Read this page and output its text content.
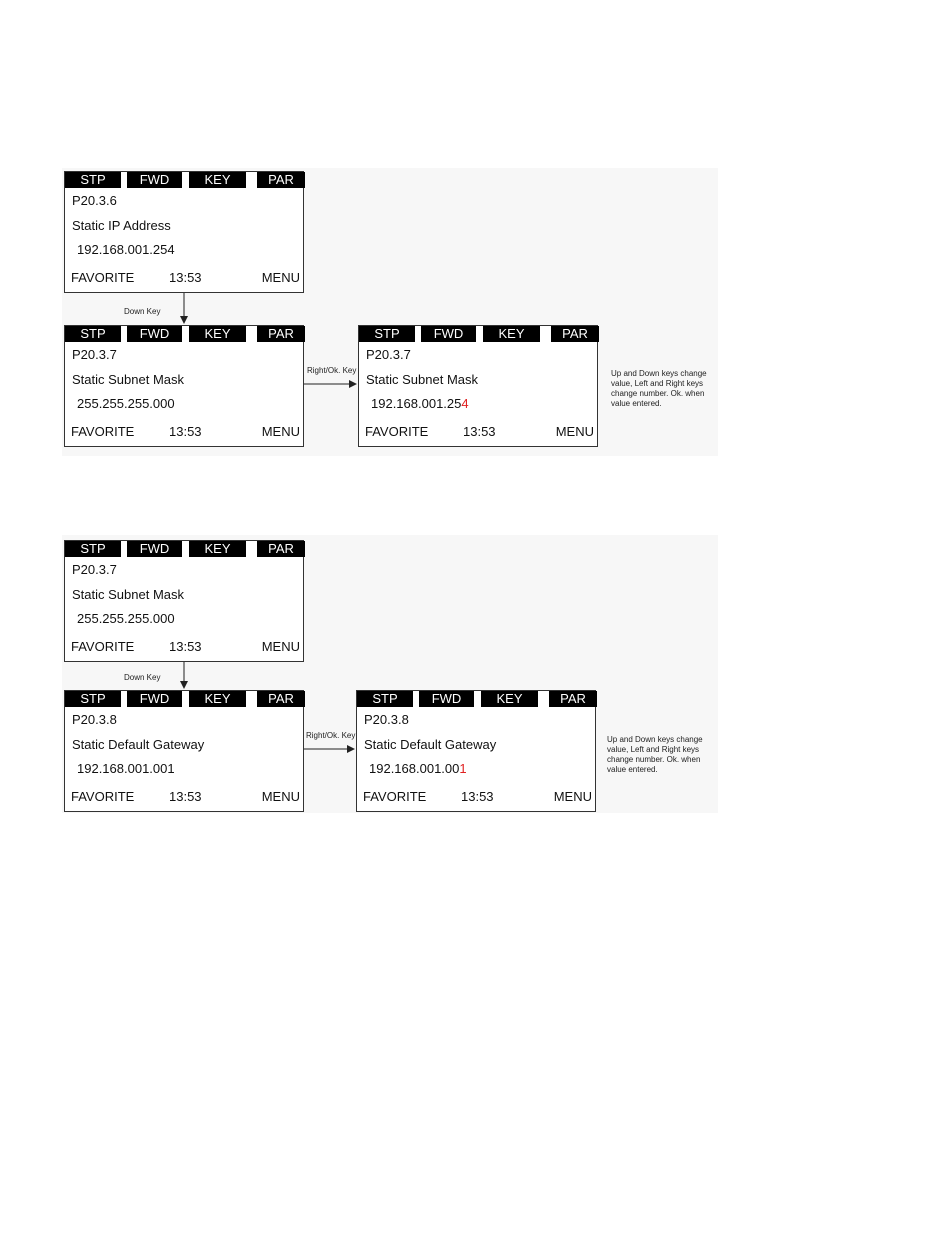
STP	FWD	KEY	PAR
P20.3.6
Static IP Address
192.168.001.254
FAVORITE	13:53	MENU
Down Key
STP	FWD	KEY	PAR
P20.3.7
Static Subnet Mask
255.255.255.000
FAVORITE	13:53	MENU
Right/Ok. Key
STP	FWD	KEY	PAR
P20.3.7
Static Subnet Mask
192.168.001.254
FAVORITE	13:53	MENU
Up and Down keys change value, Left and Right keys change number. Ok. when value entered.
STP	FWD	KEY	PAR
P20.3.7
Static Subnet Mask
255.255.255.000
FAVORITE	13:53	MENU
Down Key
STP	FWD	KEY	PAR
P20.3.8
Static Default Gateway
192.168.001.001
FAVORITE	13:53	MENU
Right/Ok. Key
STP	FWD	KEY	PAR
P20.3.8
Static Default Gateway
192.168.001.001
FAVORITE	13:53	MENU
Up and Down keys change value, Left and Right keys change number. Ok. when value entered.
